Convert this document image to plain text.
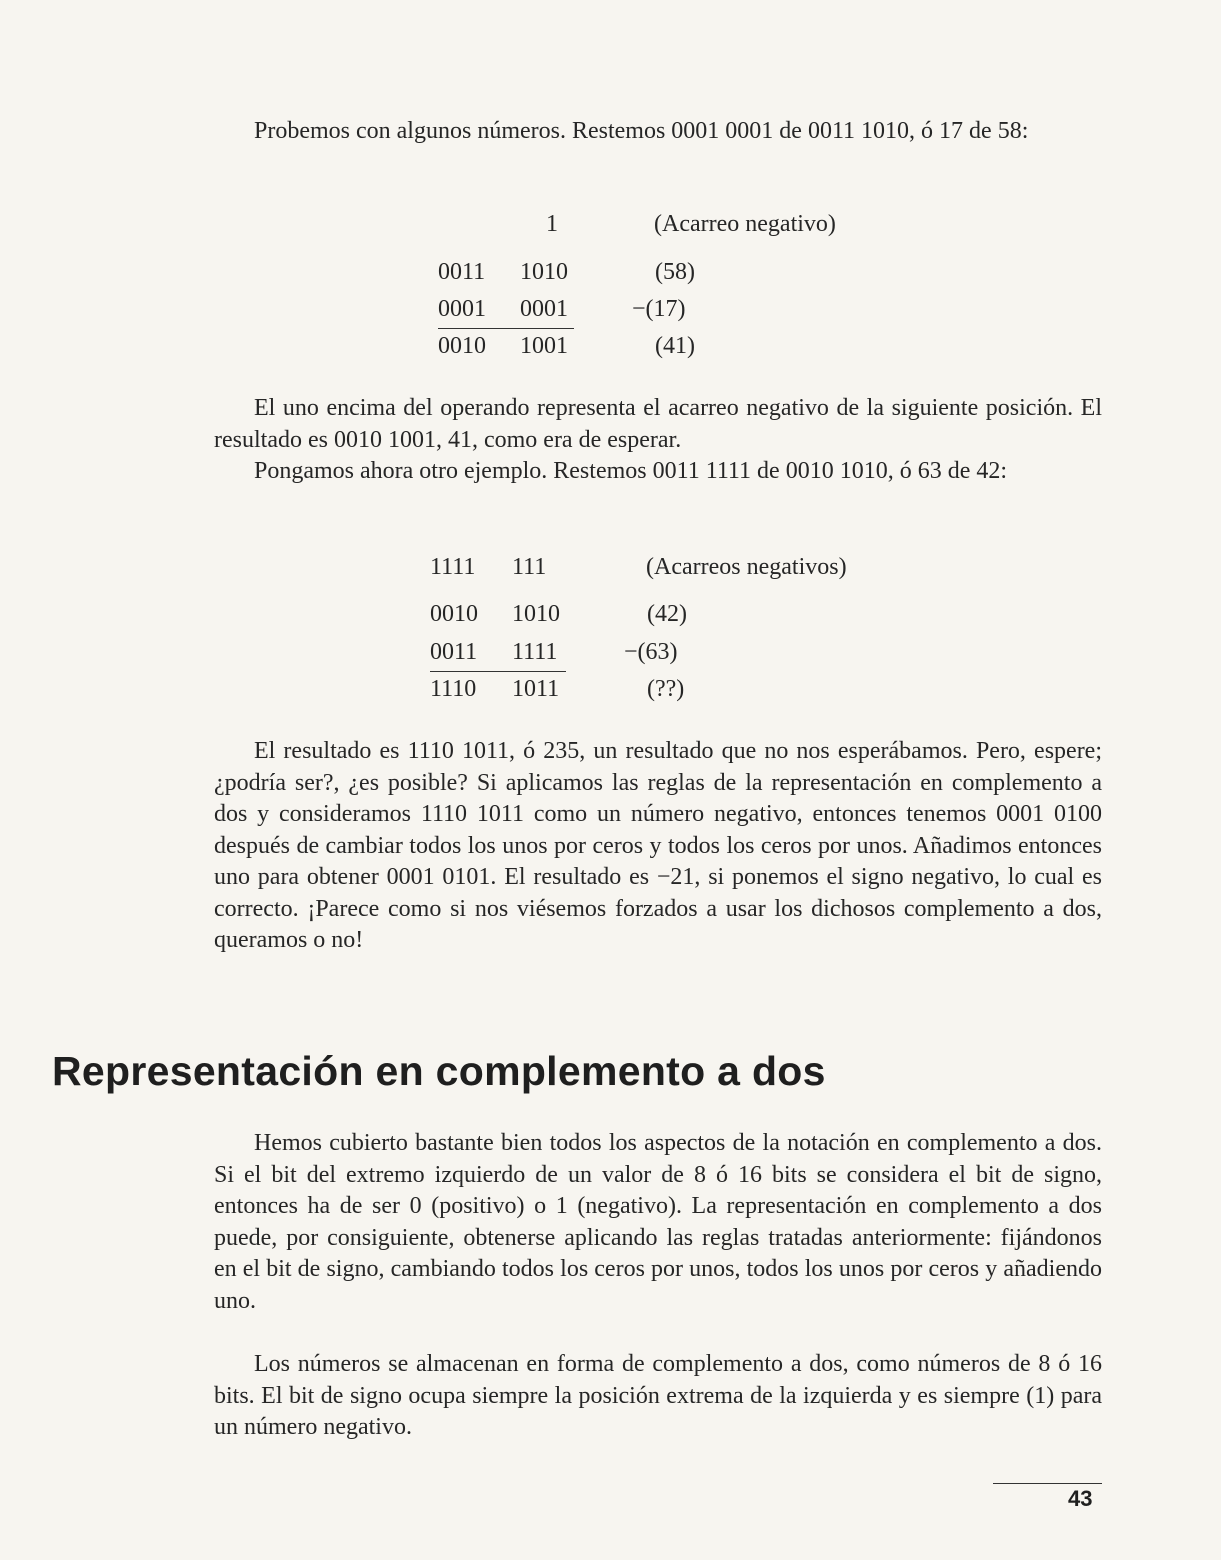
Probemos con algunos números. Restemos 0001 0001 de 0011 1010, ó 17 de 58:

1	(Acarreo negativo)
0011 1010	(58)
0001 0001	−(17)
0010 1001	(41)

El uno encima del operando representa el acarreo negativo de la siguiente posición. El resultado es 0010 1001, 41, como era de esperar.

Pongamos ahora otro ejemplo. Restemos 0011 1111 de 0010 1010, ó 63 de 42:

1111 111	(Acarreos negativos)
0010 1010	(42)
0011 1111	−(63)
1110 1011	(??)

El resultado es 1110 1011, ó 235, un resultado que no nos esperábamos. Pero, espere; ¿podría ser?, ¿es posible? Si aplicamos las reglas de la representación en complemento a dos y consideramos 1110 1011 como un número negativo, entonces tenemos 0001 0100 después de cambiar todos los unos por ceros y todos los ceros por unos. Añadimos entonces uno para obtener 0001 0101. El resultado es −21, si ponemos el signo negativo, lo cual es correcto. ¡Parece como si nos viésemos forzados a usar los dichosos complemento a dos, queramos o no!

Representación en complemento a dos

Hemos cubierto bastante bien todos los aspectos de la notación en complemento a dos. Si el bit del extremo izquierdo de un valor de 8 ó 16 bits se considera el bit de signo, entonces ha de ser 0 (positivo) o 1 (negativo). La representación en complemento a dos puede, por consiguiente, obtenerse aplicando las reglas tratadas anteriormente: fijándonos en el bit de signo, cambiando todos los ceros por unos, todos los unos por ceros y añadiendo uno.

Los números se almacenan en forma de complemento a dos, como números de 8 ó 16 bits. El bit de signo ocupa siempre la posición extrema de la izquierda y es siempre (1) para un número negativo.

43
